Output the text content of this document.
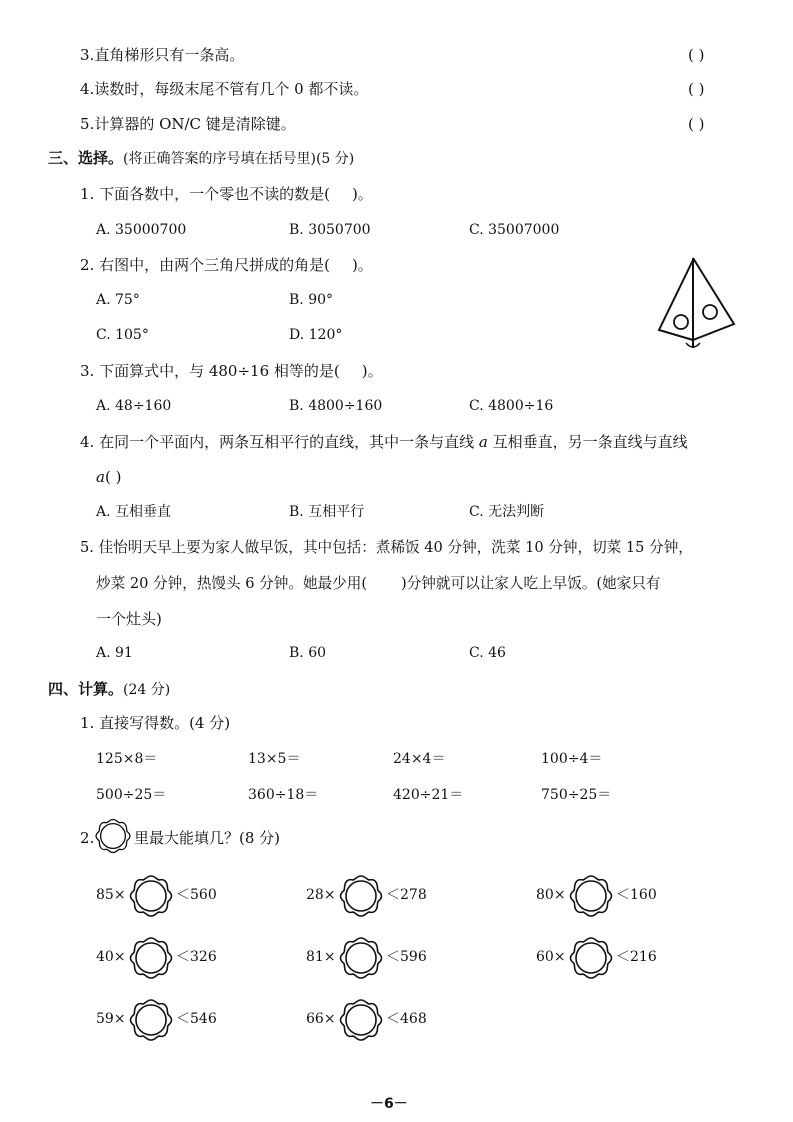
3.直角梯形只有一条高。	( )
4.读数时，每级末尾不管有几个 0 都不读。	( )
5.计算器的 ON/C 键是清除键。	( )
三、选择。(将正确答案的序号填在括号里)(5 分)
1. 下面各数中，一个零也不读的数是( )。
A. 35000700	B. 3050700	C. 35007000
2. 右图中，由两个三角尺拼成的角是( )。
A. 75°	B. 90°
C. 105°	D. 120°
3. 下面算式中，与 480÷16 相等的是( )。
A. 48÷160	B. 4800÷160	C. 4800÷16
4. 在同一个平面内，两条互相平行的直线，其中一条与直线 a 互相垂直，另一条直线与直线
a( )
A. 互相垂直	B. 互相平行	C. 无法判断
5. 佳怡明天早上要为家人做早饭，其中包括：煮稀饭 40 分钟，洗菜 10 分钟，切菜 15 分钟，
炒菜 20 分钟，热馒头 6 分钟。她最少用( )分钟就可以让家人吃上早饭。(她家只有
一个灶头)
A. 91	B. 60	C. 46
四、计算。(24 分)
1. 直接写得数。(4 分)
125×8＝	13×5＝	24×4＝	100÷4＝
500÷25＝	360÷18＝	420÷21＝	750÷25＝
2.	里最大能填几？(8 分)
85×	＜560	28×	＜278	80×	＜160
40×	＜326	81×	＜596	60×	＜216
59×	＜546	66×	＜468
－6－
